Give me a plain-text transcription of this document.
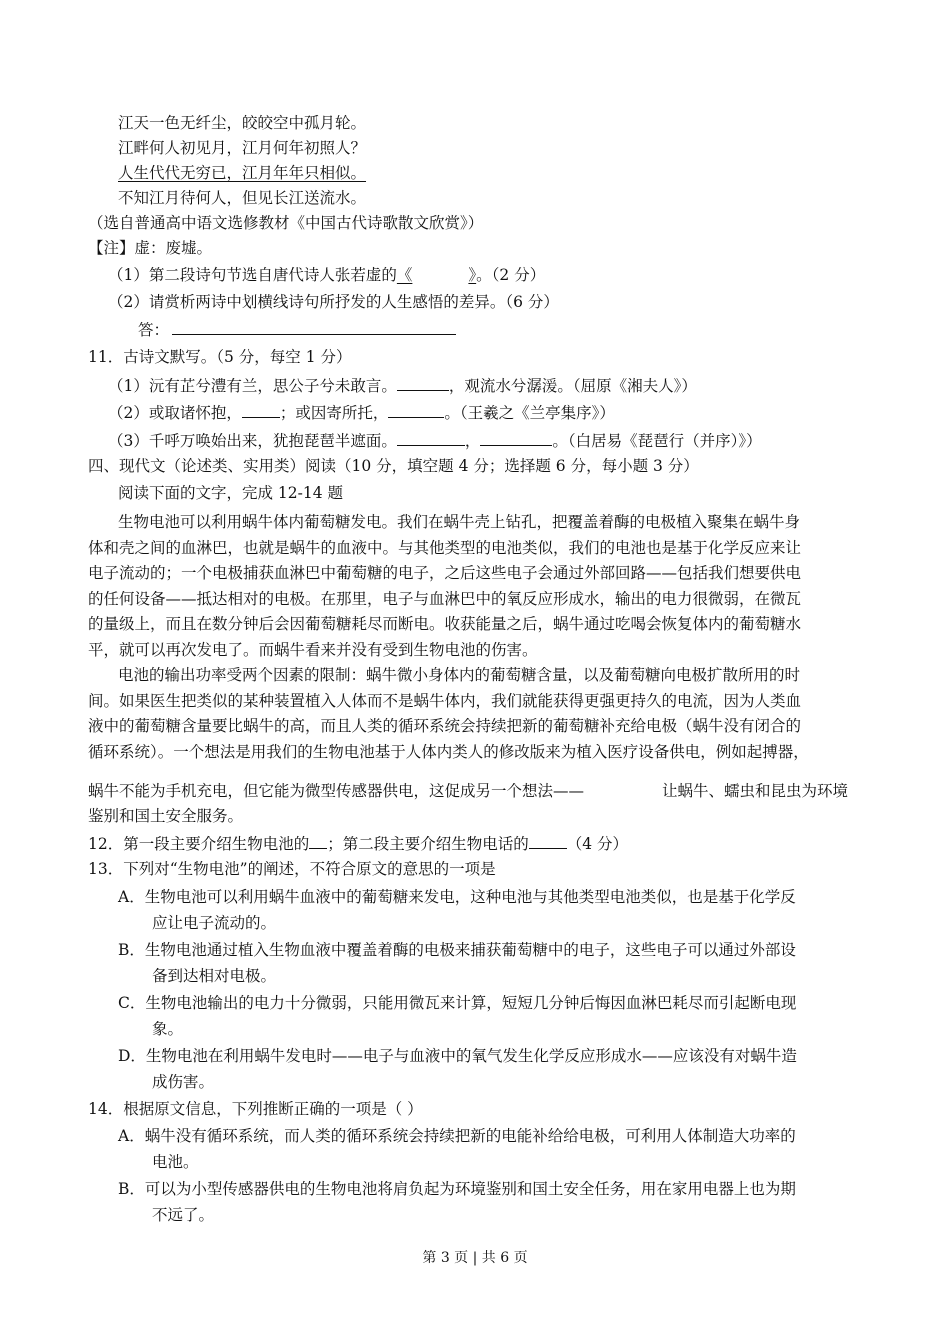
江天一色无纤尘，皎皎空中孤月轮。
江畔何人初见月，江月何年初照人？
人生代代无穷已，江月年年只相似。
不知江月待何人，但见长江送流水。
（选自普通高中语文选修教材《中国古代诗歌散文欣赏》）
【注】虚：废墟。
（1）第二段诗句节选自唐代诗人张若虚的《	》。（2 分）
（2）请赏析两诗中划横线诗句所抒发的人生感悟的差异。（6 分）
答：
11．古诗文默写。（5 分，每空 1 分）
（1）沅有芷兮澧有兰，思公子兮未敢言。	，观流水兮潺湲。（屈原《湘夫人》）
（2）或取诸怀抱， ；或因寄所托，	。（王羲之《兰亭集序》）
（3）千呼万唤始出来，犹抱琵琶半遮面。	，	。（白居易《琵琶行（并序）》）
四、现代文（论述类、实用类）阅读（10 分，填空题 4 分；选择题 6 分，每小题 3 分）
阅读下面的文字，完成 12-14 题
生物电池可以利用蜗牛体内葡萄糖发电。我们在蜗牛壳上钻孔，把覆盖着酶的电极植入聚集在蜗牛身
体和壳之间的血淋巴，也就是蜗牛的血液中。与其他类型的电池类似，我们的电池也是基于化学反应来让
电子流动的；一个电极捕获血淋巴中葡萄糖的电子，之后这些电子会通过外部回路——包括我们想要供电
的任何设备——抵达相对的电极。在那里，电子与血淋巴中的氧反应形成水，输出的电力很微弱，在微瓦
的量级上，而且在数分钟后会因葡萄糖耗尽而断电。收获能量之后，蜗牛通过吃喝会恢复体内的葡萄糖水
平，就可以再次发电了。而蜗牛看来并没有受到生物电池的伤害。
电池的输出功率受两个因素的限制：蜗牛微小身体内的葡萄糖含量，以及葡萄糖向电极扩散所用的时
间。如果医生把类似的某种装置植入人体而不是蜗牛体内，我们就能获得更强更持久的电流，因为人类血
液中的葡萄糖含量要比蜗牛的高，而且人类的循环系统会持续把新的葡萄糖补充给电极（蜗牛没有闭合的
循环系统）。一个想法是用我们的生物电池基于人体内类人的修改版来为植入医疗设备供电，例如起搏器，
蜗牛不能为手机充电，但它能为微型传感器供电，这促成另一个想法——	让蜗牛、蠕虫和昆虫为环境
鉴别和国土安全服务。
12．第一段主要介绍生物电池的 ；第二段主要介绍生物电话的 （4 分）
13．下列对“生物电池”的阐述，不符合原文的意思的一项是
A．生物电池可以利用蜗牛血液中的葡萄糖来发电，这种电池与其他类型电池类似，也是基于化学反
应让电子流动的。
B．生物电池通过植入生物血液中覆盖着酶的电极来捕获葡萄糖中的电子，这些电子可以通过外部设
备到达相对电极。
C．生物电池输出的电力十分微弱，只能用微瓦来计算，短短几分钟后悔因血淋巴耗尽而引起断电现
象。
D．生物电池在利用蜗牛发电时——电子与血液中的氧气发生化学反应形成水——应该没有对蜗牛造
成伤害。
14．根据原文信息，下列推断正确的一项是（ ）
A．蜗牛没有循环系统，而人类的循环系统会持续把新的电能补给给电极，可利用人体制造大功率的
电池。
B．可以为小型传感器供电的生物电池将肩负起为环境鉴别和国土安全任务，用在家用电器上也为期
不远了。
第 3 页 | 共 6 页
